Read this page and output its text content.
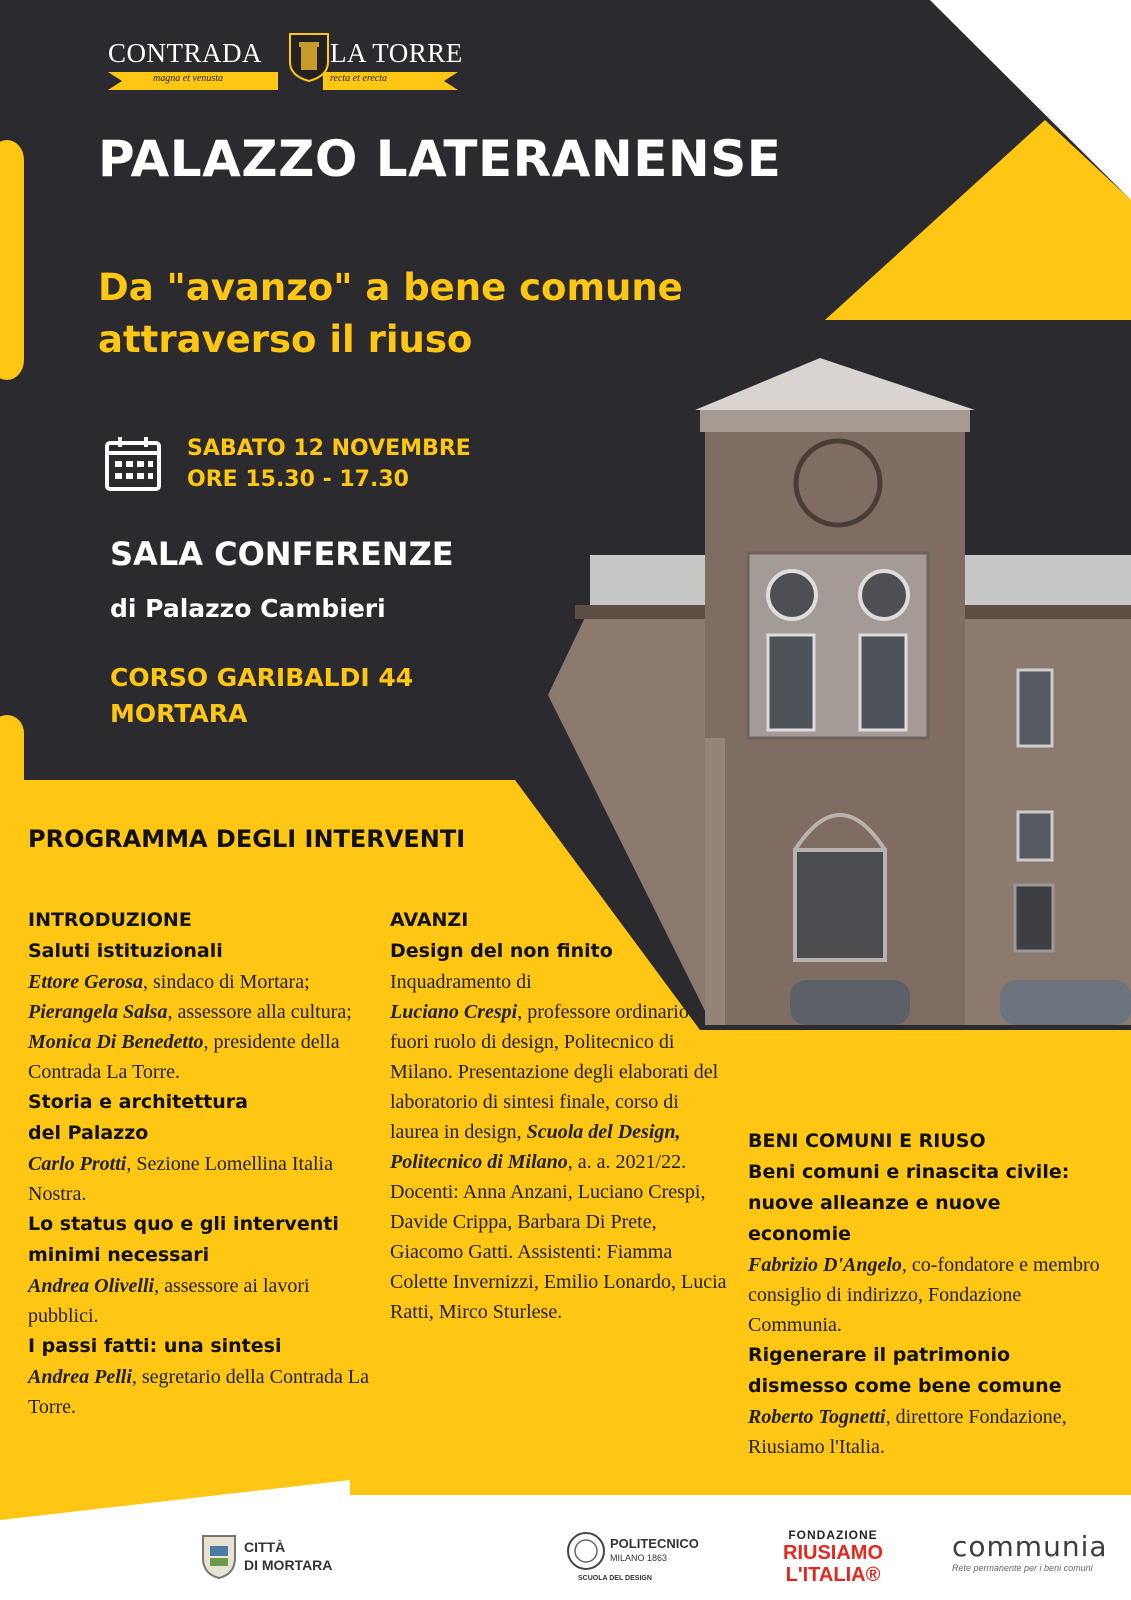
CONTRADA	LA TORRE
magna et venusta	recta et erecta
PALAZZO LATERANENSE
Da "avanzo" a bene comune
attraverso il riuso
SABATO 12 NOVEMBRE
ORE 15.30 - 17.30
SALA CONFERENZE
di Palazzo Cambieri
CORSO GARIBALDI 44
MORTARA
PROGRAMMA DEGLI INTERVENTI
INTRODUZIONE
Saluti istituzionali
Ettore Gerosa, sindaco di Mortara; Pierangela Salsa, assessore alla cultura;
Monica Di Benedetto, presidente della Contrada La Torre.
Storia e architettura
del Palazzo
Carlo Protti, Sezione Lomellina Italia Nostra.
Lo status quo e gli interventi
minimi necessari
Andrea Olivelli, assessore ai lavori pubblici.
I passi fatti: una sintesi
Andrea Pelli, segretario della Contrada La Torre.
AVANZI
Design del non finito
Inquadramento di
Luciano Crespi, professore ordinario fuori ruolo di design, Politecnico di Milano. Presentazione degli elaborati del laboratorio di sintesi finale, corso di laurea in design, Scuola del Design, Politecnico di Milano, a. a. 2021/22. Docenti: Anna Anzani, Luciano Crespi, Davide Crippa, Barbara Di Prete, Giacomo Gatti. Assistenti: Fiamma Colette Invernizzi, Emilio Lonardo, Lucia Ratti, Mirco Sturlese.
BENI COMUNI E RIUSO
Beni comuni e rinascita civile: nuove alleanze e nuove economie
Fabrizio D'Angelo, co-fondatore e membro consiglio di indirizzo, Fondazione Communia.
Rigenerare il patrimonio dismesso come bene comune
Roberto Tognetti, direttore Fondazione, Riusiamo l'Italia.
CITTÀ
DI MORTARA
POLITECNICO
MILANO 1863
SCUOLA DEL DESIGN
FONDAZIONE
RIUSIAMO
L'ITALIA®
communia
Rete permanente per i beni comuni
